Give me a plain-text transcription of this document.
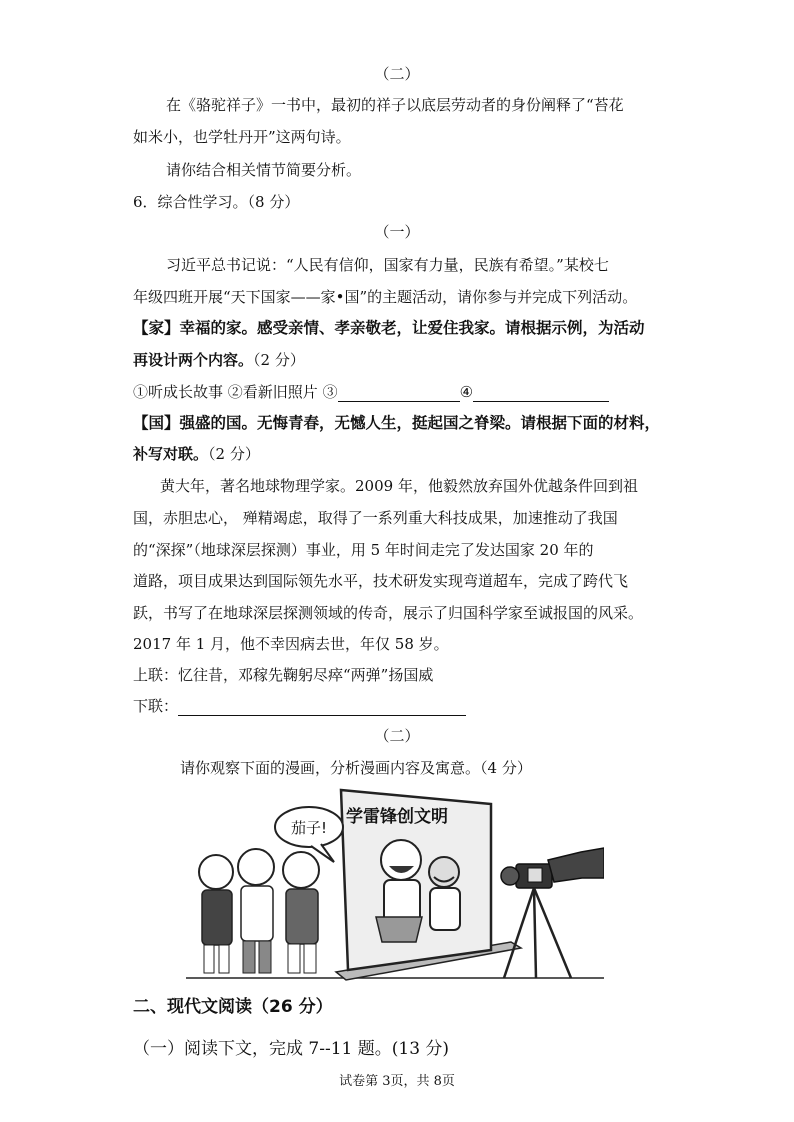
（二）
在《骆驼祥子》一书中，最初的祥子以底层劳动者的身份阐释了“苔花
如米小，也学牡丹开”这两句诗。
请你结合相关情节简要分析。
6．综合性学习。（8 分）
（一）
习近平总书记说：“人民有信仰，国家有力量，民族有希望。”某校七
年级四班开展“天下国家——家•国”的主题活动，请你参与并完成下列活动。
【家】幸福的家。感受亲情、孝亲敬老，让爱住我家。请根据示例，为活动
再设计两个内容。（2 分）
①听成长故事 ②看新旧照片 ③	④
【国】强盛的国。无悔青春，无憾人生，挺起国之脊梁。请根据下面的材料，
补写对联。（2 分）
黄大年，著名地球物理学家。2009 年，他毅然放弃国外优越条件回到祖
国，赤胆忠心， 殚精竭虑，取得了一系列重大科技成果，加速推动了我国
的“深探”（地球深层探测）事业，用 5 年时间走完了发达国家 20 年的
道路，项目成果达到国际领先水平，技术研发实现弯道超车，完成了跨代飞
跃，书写了在地球深层探测领域的传奇，展示了归国科学家至诚报国的风采。
2017 年 1 月，他不幸因病去世，年仅 58 岁。
上联：忆往昔，邓稼先鞠躬尽瘁“两弹”扬国威
下联：
（二）
请你观察下面的漫画，分析漫画内容及寓意。（4 分）
学雷锋创文明
茄子!
二、现代文阅读（26 分）
（一）阅读下文，完成 7--11 题。(13 分)
试卷第 3页，共 8页
